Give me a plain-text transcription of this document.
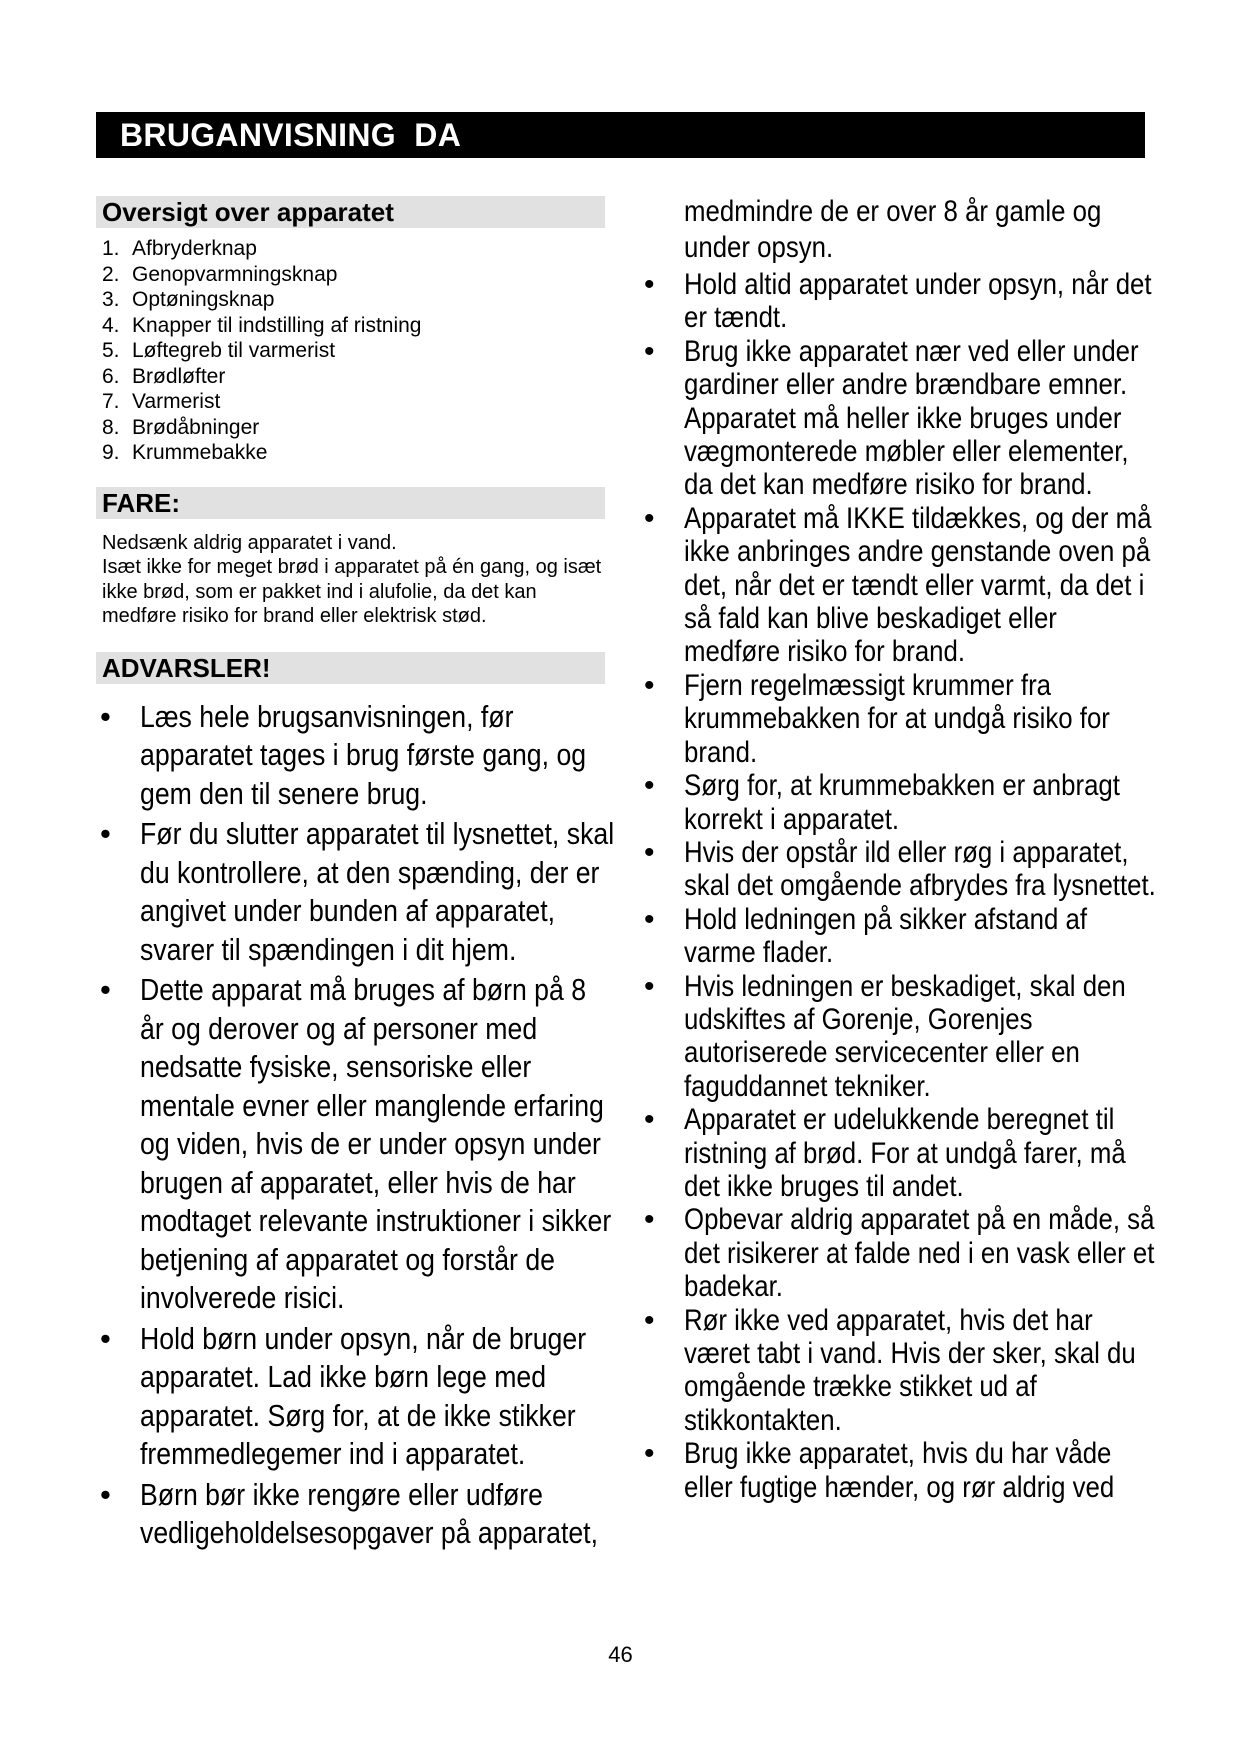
BRUGANVISNING  DA
Oversigt over apparatet
1. Afbryderknap
2. Genopvarmningsknap
3. Optøningsknap
4. Knapper til indstilling af ristning
5. Løftegreb til varmerist
6. Brødløfter
7. Varmerist
8. Brødåbninger
9. Krummebakke
FARE:
Nedsænk aldrig apparatet i vand.
Isæt ikke for meget brød i apparatet på én gang, og isæt ikke brød, som er pakket ind i alufolie, da det kan medføre risiko for brand eller elektrisk stød.
ADVARSLER!
• Læs hele brugsanvisningen, før apparatet tages i brug første gang, og gem den til senere brug.
• Før du slutter apparatet til lysnettet, skal du kontrollere, at den spænding, der er angivet under bunden af apparatet, svarer til spændingen i dit hjem.
• Dette apparat må bruges af børn på 8 år og derover og af personer med nedsatte fysiske, sensoriske eller mentale evner eller manglende erfaring og viden, hvis de er under opsyn under brugen af apparatet, eller hvis de har modtaget relevante instruktioner i sikker betjening af apparatet og forstår de involverede risici.
• Hold børn under opsyn, når de bruger apparatet. Lad ikke børn lege med apparatet. Sørg for, at de ikke stikker fremmedlegemer ind i apparatet.
• Børn bør ikke rengøre eller udføre vedligeholdelsesopgaver på apparatet,
medmindre de er over 8 år gamle og under opsyn.
• Hold altid apparatet under opsyn, når det er tændt.
• Brug ikke apparatet nær ved eller under gardiner eller andre brændbare emner. Apparatet må heller ikke bruges under vægmonterede møbler eller elementer, da det kan medføre risiko for brand.
• Apparatet må IKKE tildækkes, og der må ikke anbringes andre genstande oven på det, når det er tændt eller varmt, da det i så fald kan blive beskadiget eller medføre risiko for brand.
• Fjern regelmæssigt krummer fra krummebakken for at undgå risiko for brand.
• Sørg for, at krummebakken er anbragt korrekt i apparatet.
• Hvis der opstår ild eller røg i apparatet, skal det omgående afbrydes fra lysnettet.
• Hold ledningen på sikker afstand af varme flader.
• Hvis ledningen er beskadiget, skal den udskiftes af Gorenje, Gorenjes autoriserede servicecenter eller en faguddannet tekniker.
• Apparatet er udelukkende beregnet til ristning af brød. For at undgå farer, må det ikke bruges til andet.
• Opbevar aldrig apparatet på en måde, så det risikerer at falde ned i en vask eller et badekar.
• Rør ikke ved apparatet, hvis det har været tabt i vand. Hvis der sker, skal du omgående trække stikket ud af stikkontakten.
• Brug ikke apparatet, hvis du har våde eller fugtige hænder, og rør aldrig ved
46
